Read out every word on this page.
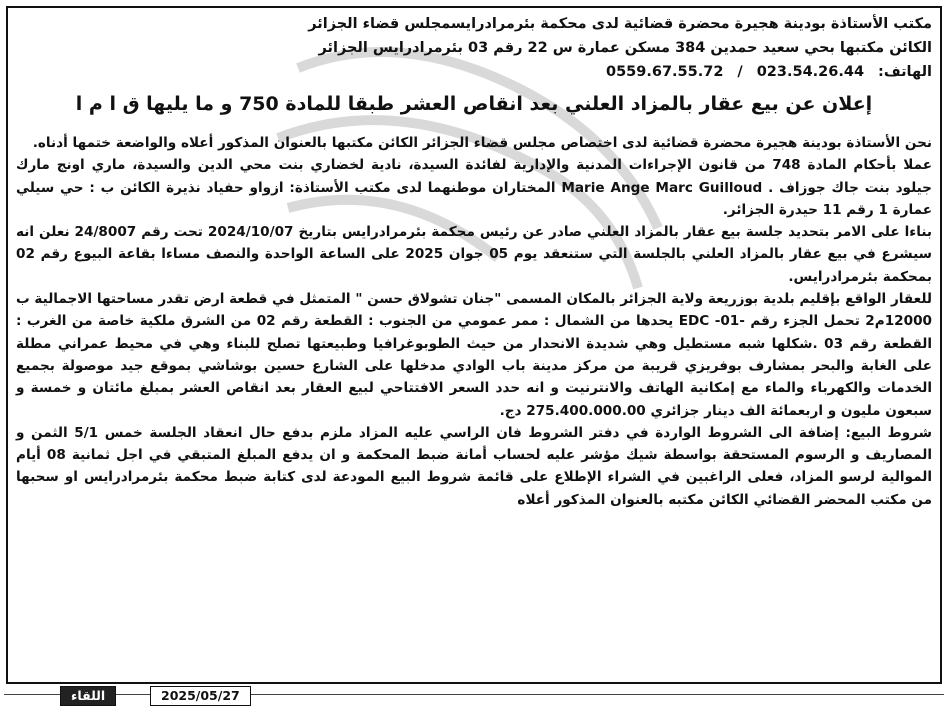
مكتب الأستاذة بودينة هجيرة محضرة قضائية لدى محكمة بئرمرادرايسمجلس قضاء الجزائر
الكائن مكتبها بحي سعيد حمدين 384 مسكن عمارة س 22 رقم 03 بئرمرادرايس الجزائر
الهاتف:
023.54.26.44
/
0559.67.55.72
إعلان عن بيع عقار بالمزاد العلني بعد انقاص العشر طبقا للمادة 750 و ما يليها ق ا م ا

نحن الأستاذة بودينة هجيرة محضرة قضائية لدى اختصاص مجلس قضاء الجزائر الكائن مكتبها بالعنوان المذكور أعلاه والواضعة ختمها أدناه.

عملا بأحكام المادة 748 من قانون الإجراءات المدنية والإدارية لفائدة السيدة، نادية لخضاري بنت محي الدين والسيدة، ماري اونج مارك جيلود بنت جاك جوزاف . Marie Ange Marc Guilloud المختاران موطنهما لدى مكتب الأستاذة: ازواو حفياد نذيرة الكائن ب : حي سيلي عمارة 1 رقم 11 حيدرة الجزائر.

بناءا على الامر بتحديد جلسة بيع عقار بالمزاد العلني صادر عن رئيس محكمة بئرمرادرايس بتاريخ 2024/10/07 تحت رقم 24/8007 نعلن انه سيشرع في بيع عقار بالمزاد العلني بالجلسة التي ستنعقد يوم 05 جوان 2025 على الساعة الواحدة والنصف مساءا بقاعة البيوع رقم 02 بمحكمة بئرمرادرايس.

للعقار الواقع بإقليم بلدية بوزريعة ولاية الجزائر بالمكان المسمى "جنان تشولاق حسن " المتمثل في قطعة ارض تقدر مساحتها الاجمالية ب 12000م2 تحمل الجزء رقم -01- EDC يحدها من الشمال : ممر عمومي من الجنوب : القطعة رقم 02 من الشرق ملكية خاصة من الغرب : القطعة رقم 03 .شكلها شبه مستطيل وهي شديدة الانحدار من حيث الطوبوغرافيا وطبيعتها تصلح للبناء وهي في محيط عمراني مطلة على الغابة والبحر بمشارف بوفريزي قريبة من مركز مدينة باب الوادي مدخلها على الشارع حسين بوشاشي بموقع جيد موصولة بجميع الخدمات والكهرباء والماء مع إمكانية الهاتف والانترنيت و انه حدد السعر الافتتاحي لبيع العقار بعد انقاص العشر بمبلغ مائتان و خمسة و سبعون مليون و اربعمائة الف دينار جزائري 275.400.000.00 دج.

شروط البيع: إضافة الى الشروط الواردة في دفتر الشروط فان الراسي عليه المزاد ملزم بدفع حال انعقاد الجلسة خمس 5/1 الثمن و المصاريف و الرسوم المستحقة بواسطة شيك مؤشر عليه لحساب أمانة ضبط المحكمة و ان يدفع المبلغ المتبقي في اجل ثمانية 08 أيام الموالية لرسو المزاد، فعلى الراغبين في الشراء الإطلاع على قائمة شروط البيع المودعة لدى كتابة ضبط محكمة بئرمرادرايس او سحبها من مكتب المحضر القضائي الكائن مكتبه بالعنوان المذكور أعلاه

2025/05/27
اللقاء
